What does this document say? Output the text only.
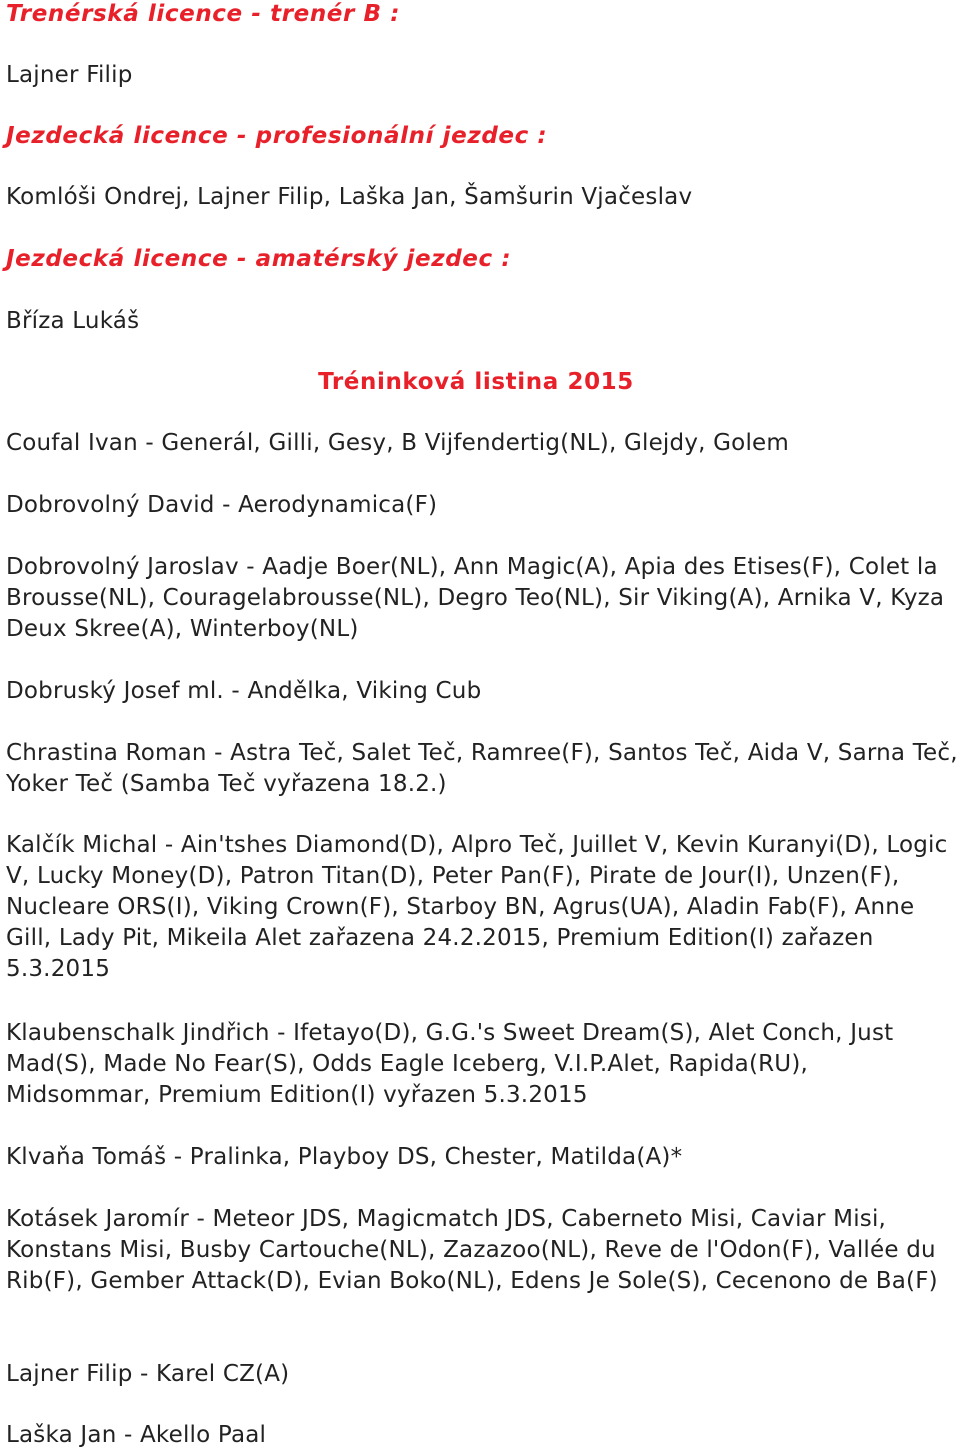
Trenérská licence - trenér B :
Lajner Filip
Jezdecká licence - profesionální jezdec :
Komlóši Ondrej, Lajner Filip, Laška Jan, Šamšurin Vjačeslav
Jezdecká licence - amatérský jezdec :
Bříza Lukáš
Tréninková listina 2015
Coufal Ivan - Generál, Gilli, Gesy, B Vijfendertig(NL), Glejdy, Golem
Dobrovolný David - Aerodynamica(F)
Dobrovolný Jaroslav - Aadje Boer(NL), Ann Magic(A), Apia des Etises(F), Colet la Brousse(NL), Couragelabrousse(NL), Degro Teo(NL), Sir Viking(A), Arnika V, Kyza Deux Skree(A), Winterboy(NL)
Dobruský Josef ml. - Andělka, Viking Cub
Chrastina Roman - Astra Teč, Salet Teč, Ramree(F), Santos Teč, Aida V, Sarna Teč, Yoker Teč (Samba Teč vyřazena 18.2.)
Kalčík Michal - Ain'tshes Diamond(D), Alpro Teč, Juillet V, Kevin Kuranyi(D), Logic V, Lucky Money(D), Patron Titan(D), Peter Pan(F), Pirate de Jour(I), Unzen(F), Nucleare ORS(I), Viking Crown(F), Starboy BN, Agrus(UA), Aladin Fab(F), Anne Gill, Lady Pit, Mikeila Alet zařazena 24.2.2015, Premium Edition(I) zařazen 5.3.2015
Klaubenschalk Jindřich - Ifetayo(D), G.G.'s Sweet Dream(S), Alet Conch, Just Mad(S), Made No Fear(S), Odds Eagle Iceberg, V.I.P.Alet, Rapida(RU), Midsommar, Premium Edition(I) vyřazen 5.3.2015
Klvaňa Tomáš - Pralinka, Playboy DS, Chester, Matilda(A)*
Kotásek Jaromír - Meteor JDS, Magicmatch JDS, Caberneto Misi, Caviar Misi, Konstans Misi, Busby Cartouche(NL), Zazazoo(NL), Reve de l'Odon(F), Vallée du Rib(F), Gember Attack(D), Evian Boko(NL), Edens Je Sole(S), Cecenono de Ba(F)
Lajner Filip - Karel CZ(A)
Laška Jan - Akello Paal
